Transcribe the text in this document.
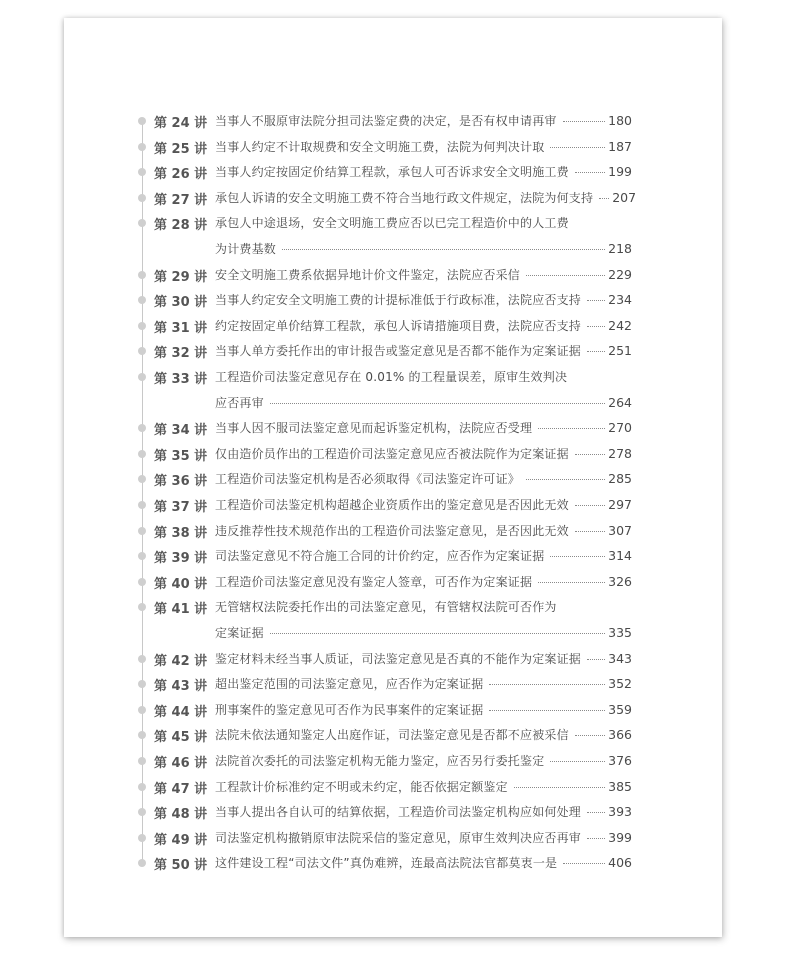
第 24 讲 当事人不服原审法院分担司法鉴定费的决定，是否有权申请再审	180
第 25 讲 当事人约定不计取规费和安全文明施工费，法院为何判决计取	187
第 26 讲 当事人约定按固定价结算工程款，承包人可否诉求安全文明施工费	199
第 27 讲 承包人诉请的安全文明施工费不符合当地行政文件规定，法院为何支持 207
第 28 讲 承包人中途退场，安全文明施工费应否以已完工程造价中的人工费
为计费基数	218
第 29 讲 安全文明施工费系依据异地计价文件鉴定，法院应否采信	229
第 30 讲 当事人约定安全文明施工费的计提标准低于行政标准，法院应否支持 234
第 31 讲 约定按固定单价结算工程款，承包人诉请措施项目费，法院应否支持 242
第 32 讲 当事人单方委托作出的审计报告或鉴定意见是否都不能作为定案证据 251
第 33 讲 工程造价司法鉴定意见存在 0.01% 的工程量误差，原审生效判决
应否再审	264
第 34 讲 当事人因不服司法鉴定意见而起诉鉴定机构，法院应否受理	270
第 35 讲 仅由造价员作出的工程造价司法鉴定意见应否被法院作为定案证据	278
第 36 讲 工程造价司法鉴定机构是否必须取得《司法鉴定许可证》	285
第 37 讲 工程造价司法鉴定机构超越企业资质作出的鉴定意见是否因此无效	297
第 38 讲 违反推荐性技术规范作出的工程造价司法鉴定意见，是否因此无效	307
第 39 讲 司法鉴定意见不符合施工合同的计价约定，应否作为定案证据	314
第 40 讲 工程造价司法鉴定意见没有鉴定人签章，可否作为定案证据	326
第 41 讲 无管辖权法院委托作出的司法鉴定意见，有管辖权法院可否作为
定案证据	335
第 42 讲 鉴定材料未经当事人质证，司法鉴定意见是否真的不能作为定案证据 343
第 43 讲 超出鉴定范围的司法鉴定意见，应否作为定案证据	352
第 44 讲 刑事案件的鉴定意见可否作为民事案件的定案证据	359
第 45 讲 法院未依法通知鉴定人出庭作证，司法鉴定意见是否都不应被采信	366
第 46 讲 法院首次委托的司法鉴定机构无能力鉴定，应否另行委托鉴定	376
第 47 讲 工程款计价标准约定不明或未约定，能否依据定额鉴定	385
第 48 讲 当事人提出各自认可的结算依据，工程造价司法鉴定机构应如何处理 393
第 49 讲 司法鉴定机构撤销原审法院采信的鉴定意见，原审生效判决应否再审 399
第 50 讲 这件建设工程“司法文件”真伪难辨，连最高法院法官都莫衷一是	406
